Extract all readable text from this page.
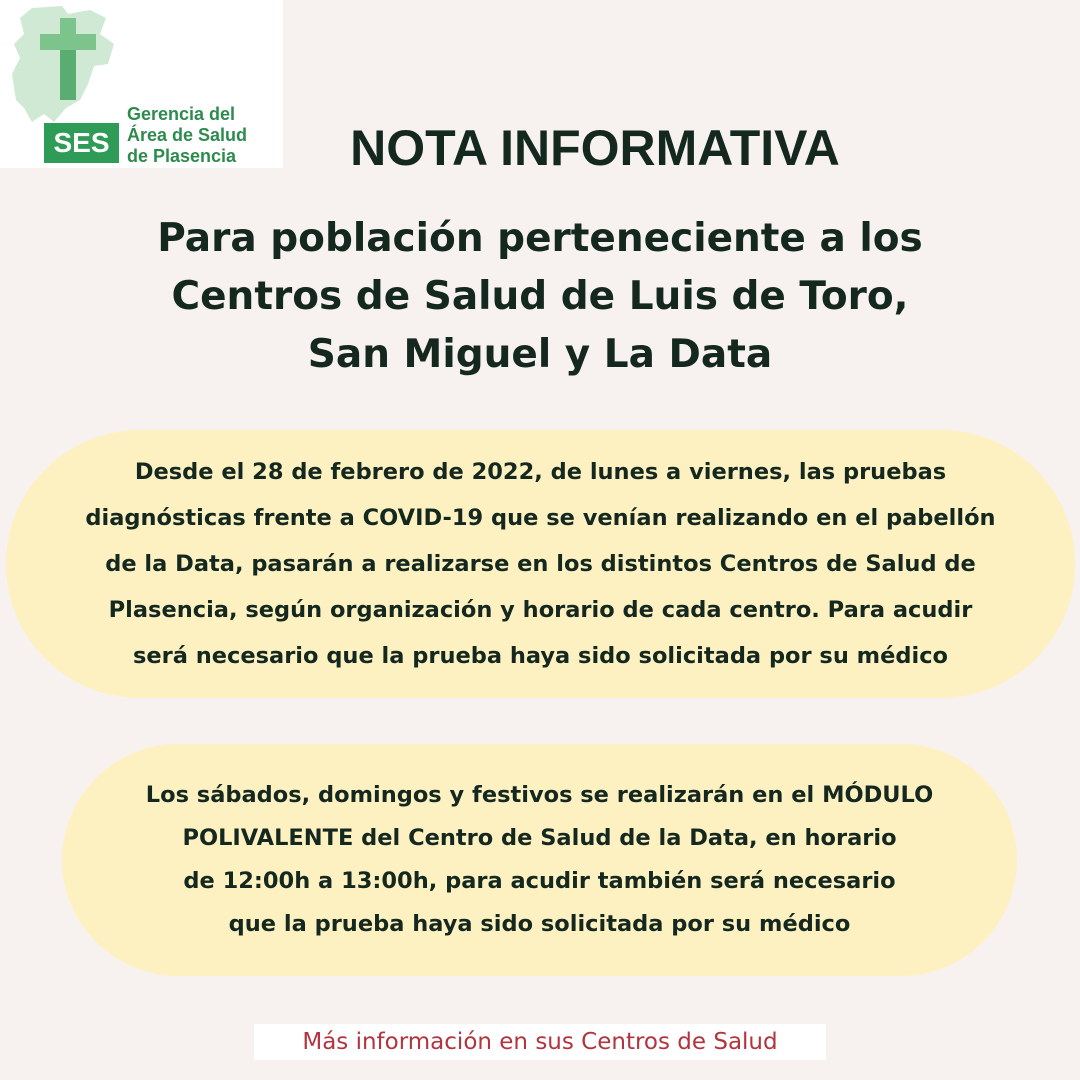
SES
Gerencia del
Área de Salud
de Plasencia	NOTA INFORMATIVA
Para población perteneciente a los
Centros de Salud de Luis de Toro,
San Miguel y La Data
Desde el 28 de febrero de 2022, de lunes a viernes, las pruebas
diagnósticas frente a COVID-19 que se venían realizando en el pabellón
de la Data, pasarán a realizarse en los distintos Centros de Salud de
Plasencia, según organización y horario de cada centro. Para acudir
será necesario que la prueba haya sido solicitada por su médico
Los sábados, domingos y festivos se realizarán en el MÓDULO
POLIVALENTE del Centro de Salud de la Data, en horario
de 12:00h a 13:00h, para acudir también será necesario
que la prueba haya sido solicitada por su médico
Más información en sus Centros de Salud
